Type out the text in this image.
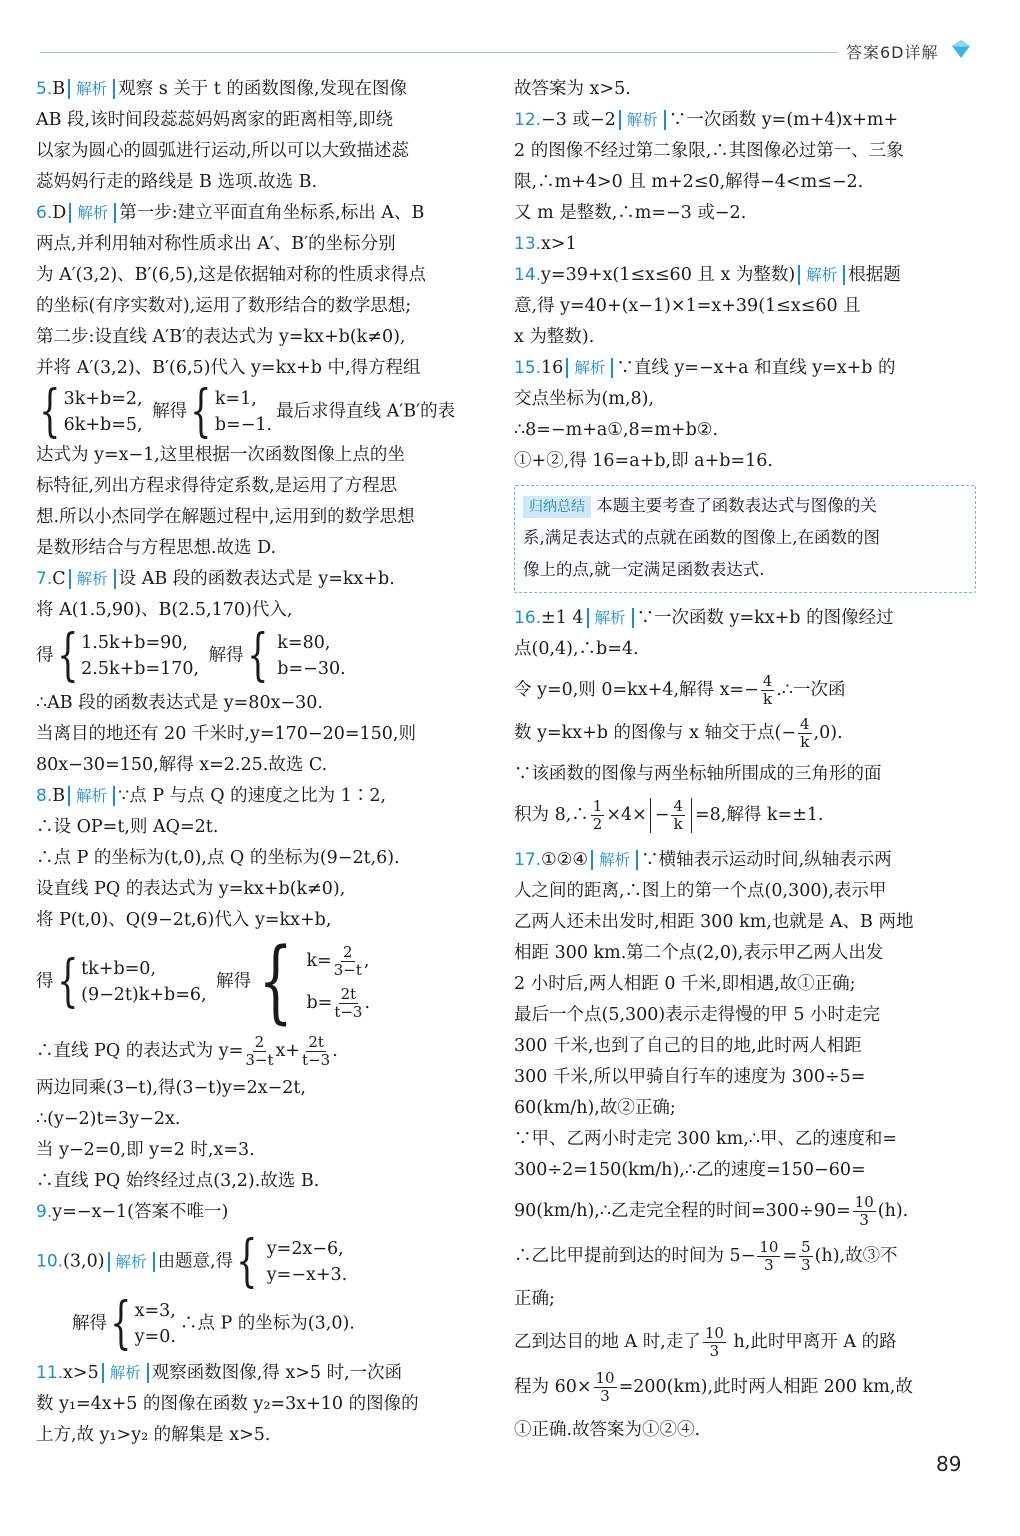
答案6D详解
5.B 解析 观察 s 关于 t 的函数图像,发现在图像
AB 段,该时间段蕊蕊妈妈离家的距离相等,即绕
以家为圆心的圆弧进行运动,所以可以大致描述蕊
蕊妈妈行走的路线是 B 选项.故选 B.
6.D 解析 第一步:建立平面直角坐标系,标出 A、B
两点,并利用轴对称性质求出 A′、B′的坐标分别
为 A′(3,2)、B′(6,5),这是依据轴对称的性质求得点
的坐标(有序实数对),运用了数形结合的数学思想;
第二步:设直线 A′B′的表达式为 y=kx+b(k≠0),
并将 A′(3,2)、B′(6,5)代入 y=kx+b 中,得方程组
{ 3k+b=2,
6k+b=5,
解得{ k=1,
b=−1.
最后求得直线 A′B′的表
达式为 y=x−1,这里根据一次函数图像上点的坐
标特征,列出方程求得待定系数,是运用了方程思
想.所以小杰同学在解题过程中,运用到的数学思想
是数形结合与方程思想.故选 D.
7.C 解析 设 AB 段的函数表达式是 y=kx+b.
将 A(1.5,90)、B(2.5,170)代入,
得{ 1.5k+b=90,
2.5k+b=170,
解得{ k=80,
b=−30.
∴AB 段的函数表达式是 y=80x−30.
当离目的地还有 20 千米时,y=170−20=150,则
80x−30=150,解得 x=2.25.故选 C.
8.B 解析 ∵点 P 与点 Q 的速度之比为 1∶2,
∴设 OP=t,则 AQ=2t.
∴点 P 的坐标为(t,0),点 Q 的坐标为(9−2t,6).
设直线 PQ 的表达式为 y=kx+b(k≠0),
将 P(t,0)、Q(9−2t,6)代入 y=kx+b,
得{ tk+b=0,
(9−2t)k+b=6,
解得{ $k= \frac{2}{3-t}$ ,
$b= \frac{2t}{t-3}$ .
∴直线 PQ 的表达式为 $y= \frac{2}{3-t} x+ \frac{2t}{t-3}$ .
两边同乘(3−t),得(3−t)y=2x−2t,
∴(y−2)t=3y−2x.
当 y−2=0,即 y=2 时,x=3.
∴直线 PQ 始终经过点(3,2).故选 B.
9.y=−x−1(答案不唯一)
10.(3,0) 解析 由题意,得{ y=2x−6,
y=−x+3.
解得{ x=3,
y=0.
∴点 P 的坐标为(3,0).
11.x>5 解析 观察函数图像,得 x>5 时,一次函
数 y₁=4x+5 的图像在函数 y₂=3x+10 的图像的
上方,故 y₁>y₂ 的解集是 x>5.
故答案为 x>5.
12.−3 或−2 解析 ∵一次函数 y=(m+4)x+m+
2 的图像不经过第二象限,∴其图像必过第一、三象
限,∴m+4>0 且 m+2≤0,解得−4<m≤−2.
又 m 是整数,∴m=−3 或−2.
13.x>1
14.y=39+x(1≤x≤60 且 x 为整数) 解析 根据题
意,得 y=40+(x−1)×1=x+39(1≤x≤60 且
x 为整数).
15.16 解析 ∵直线 y=−x+a 和直线 y=x+b 的
交点坐标为(m,8),
∴8=−m+a①,8=m+b②.
①+②,得 16=a+b,即 a+b=16.
归纳总结 本题主要考查了函数表达式与图像的关
系,满足表达式的点就在函数的图像上,在函数的图
像上的点,就一定满足函数表达式.
16.±1 4 解析 ∵一次函数 y=kx+b 的图像经过
点(0,4),∴b=4.
令 y=0,则 0=kx+4,解得 $x=- \frac{4}{k}$ .∴一次函
数 y=kx+b 的图像与 x 轴交于点(− $\frac{4}{k} ,0$).
∵该函数的图像与两坐标轴所围成的三角形的面
积为 8,∴ $\frac{1}{2} \times 4\times - \frac{4}{k} =8$,解得 k=±1.
17.①②④ 解析 ∵横轴表示运动时间,纵轴表示两
人之间的距离,∴图上的第一个点(0,300),表示甲
乙两人还未出发时,相距 300 km,也就是 A、B 两地
相距 300 km.第二个点(2,0),表示甲乙两人出发
2 小时后,两人相距 0 千米,即相遇,故①正确;
最后一个点(5,300)表示走得慢的甲 5 小时走完
300 千米,也到了自己的目的地,此时两人相距
300 千米,所以甲骑自行车的速度为 300÷5=
60(km/h),故②正确;
∵甲、乙两小时走完 300 km,∴甲、乙的速度和=
300÷2=150(km/h),∴乙的速度=150−60=
90(km/h),∴乙走完全程的时间$=300\div 90= \frac{10}{3} (h)$.
∴乙比甲提前到达的时间为 $5- \frac{10}{3} = \frac{5}{3} (h)$,故③不
正确;
乙到达目的地 A 时,走了 $\frac{10}{3} h$,此时甲离开 A 的路
程为 $60\times \frac{10}{3} =200(km)$,此时两人相距 200 km,故
①正确.故答案为①②④.
89
